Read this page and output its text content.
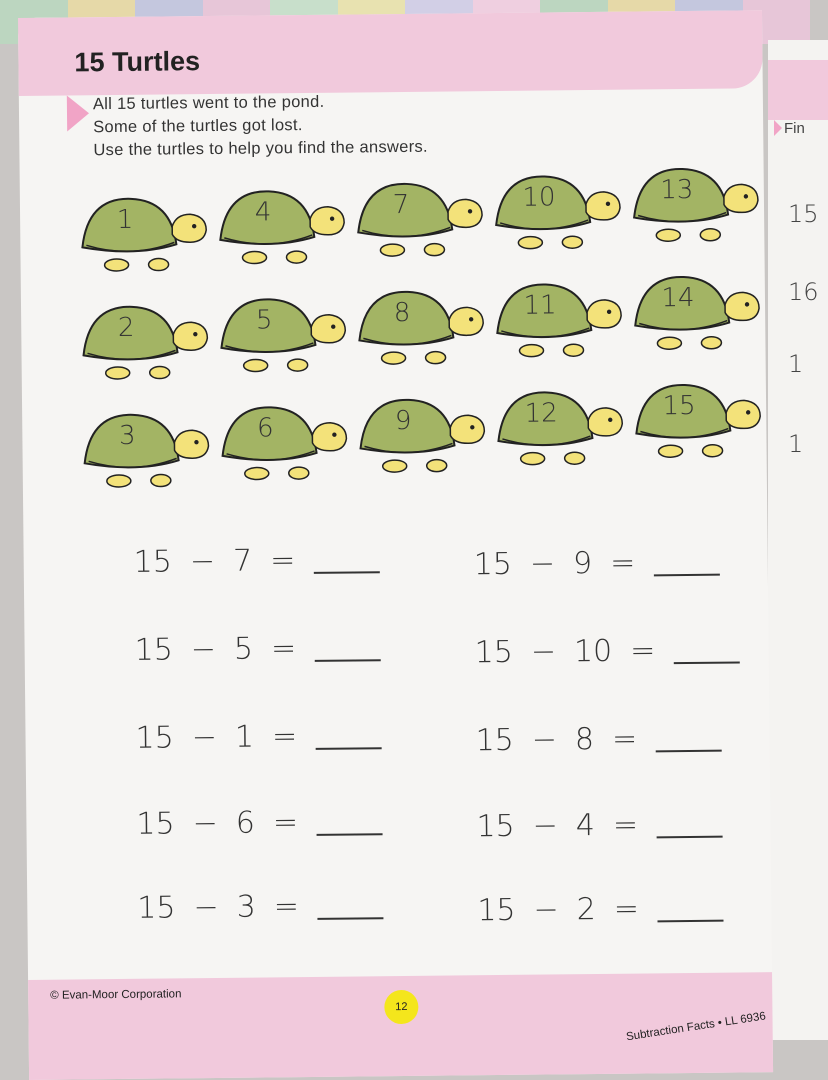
Fin
15
16
1
1
15 Turtles
All 15 turtles went to the pond.
Some of the turtles got lost.
Use the turtles to help you find the answers.
1	4	7	10	13
2	5	8	11	14
3	6	9	12	15
15 − 7 =	15 − 9 =
15 − 5 =	15 − 10 =
15 − 1 =	15 − 8 =
15 − 6 =	15 − 4 =
15 − 3 =	15 − 2 =
© Evan-Moor Corporation
12
Subtraction Facts • LL 6936
